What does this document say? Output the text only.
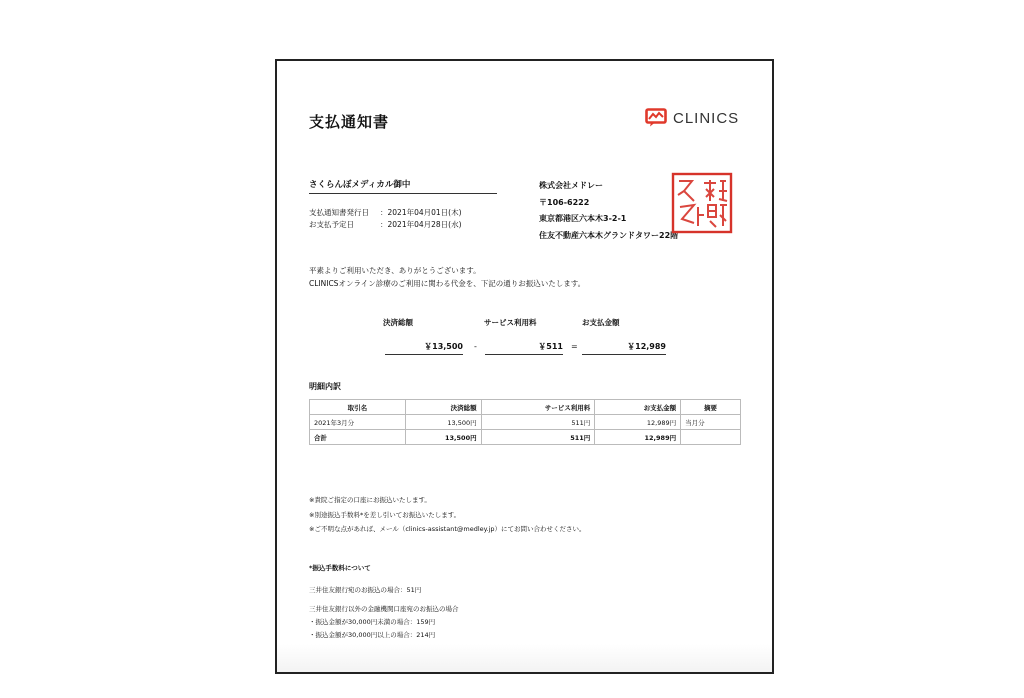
支払通知書	CLINICS
さくらんぼメディカル御中
支払通知書発行日	：2021年04月01日(木)
お支払予定日	：2021年04月28日(水)
株式会社メドレー
〒106-6222
東京都港区六本木3-2-1
住友不動産六本木グランドタワー22階
平素よりご利用いただき、ありがとうございます。
CLINICSオンライン診療のご利用に関わる代金を、下記の通りお振込いたします。
決済総額	サービス利用料	お支払金額
￥13,500 -	￥511 =	￥12,989
明細内訳
取引名	決済総額	サービス利用料	お支払金額	摘要
2021年3月分	13,500円	511円	12,989円	当月分
合計	13,500円	511円	12,989円	
※貴院ご指定の口座にお振込いたします。
※別途振込手数料*を差し引いてお振込いたします。
※ご不明な点があれば、メール（clinics-assistant@medley.jp）にてお問い合わせください。
*振込手数料について
三井住友銀行宛のお振込の場合：51円
三井住友銀行以外の金融機関口座宛のお振込の場合
・振込金額が30,000円未満の場合：159円
・振込金額が30,000円以上の場合：214円
